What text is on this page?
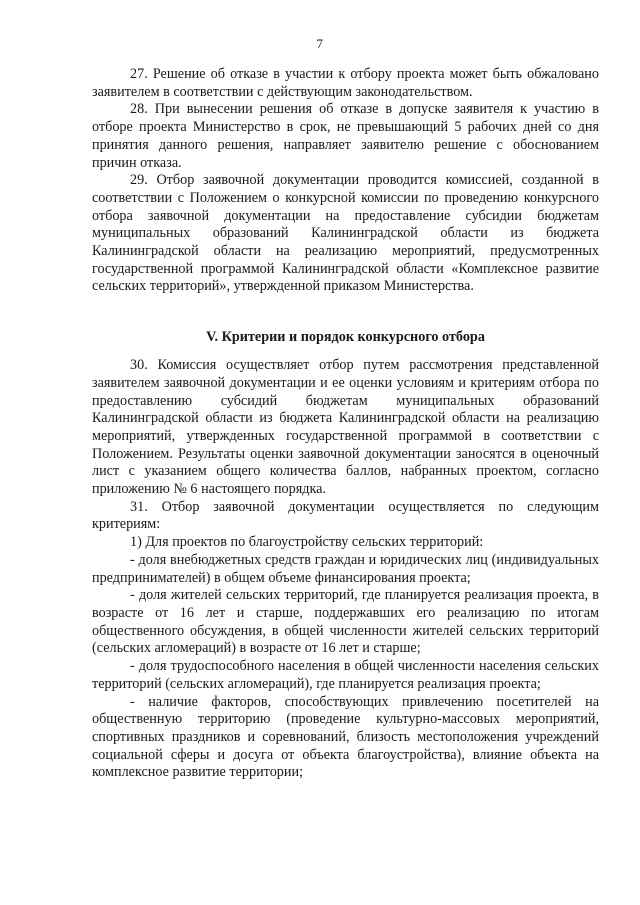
7

27. Решение об отказе в участии к отбору проекта может быть обжаловано заявителем в соответствии с действующим законодательством.

28. При вынесении решения об отказе в допуске заявителя к участию в отборе проекта Министерство в срок, не превышающий 5 рабочих дней со дня принятия данного решения, направляет заявителю решение с обоснованием причин отказа.

29. Отбор заявочной документации проводится комиссией, созданной в соответствии с Положением о конкурсной комиссии по проведению конкурсного отбора заявочной документации на предоставление субсидии бюджетам муниципальных образований Калининградской области из бюджета Калининградской области на реализацию мероприятий, предусмотренных государственной программой Калининградской области «Комплексное развитие сельских территорий», утвержденной приказом Министерства.

V. Критерии и порядок конкурсного отбора

30. Комиссия осуществляет отбор путем рассмотрения представленной заявителем заявочной документации и ее оценки условиям и критериям отбора по предоставлению субсидий бюджетам муниципальных образований Калининградской области из бюджета Калининградской области на реализацию мероприятий, утвержденных государственной программой в соответствии с Положением. Результаты оценки заявочной документации заносятся в оценочный лист с указанием общего количества баллов, набранных проектом, согласно приложению № 6 настоящего порядка.

31. Отбор заявочной документации осуществляется по следующим критериям:

1) Для проектов по благоустройству сельских территорий:

- доля внебюджетных средств граждан и юридических лиц (индивидуальных предпринимателей) в общем объеме финансирования проекта;

- доля жителей сельских территорий, где планируется реализация проекта, в возрасте от 16 лет и старше, поддержавших его реализацию по итогам общественного обсуждения, в общей численности жителей сельских территорий (сельских агломераций) в возрасте от 16 лет и старше;

- доля трудоспособного населения в общей численности населения сельских территорий (сельских агломераций), где планируется реализация проекта;

- наличие факторов, способствующих привлечению посетителей на общественную территорию (проведение культурно-массовых мероприятий, спортивных праздников и соревнований, близость местоположения учреждений социальной сферы и досуга от объекта благоустройства), влияние объекта на комплексное развитие территории;
